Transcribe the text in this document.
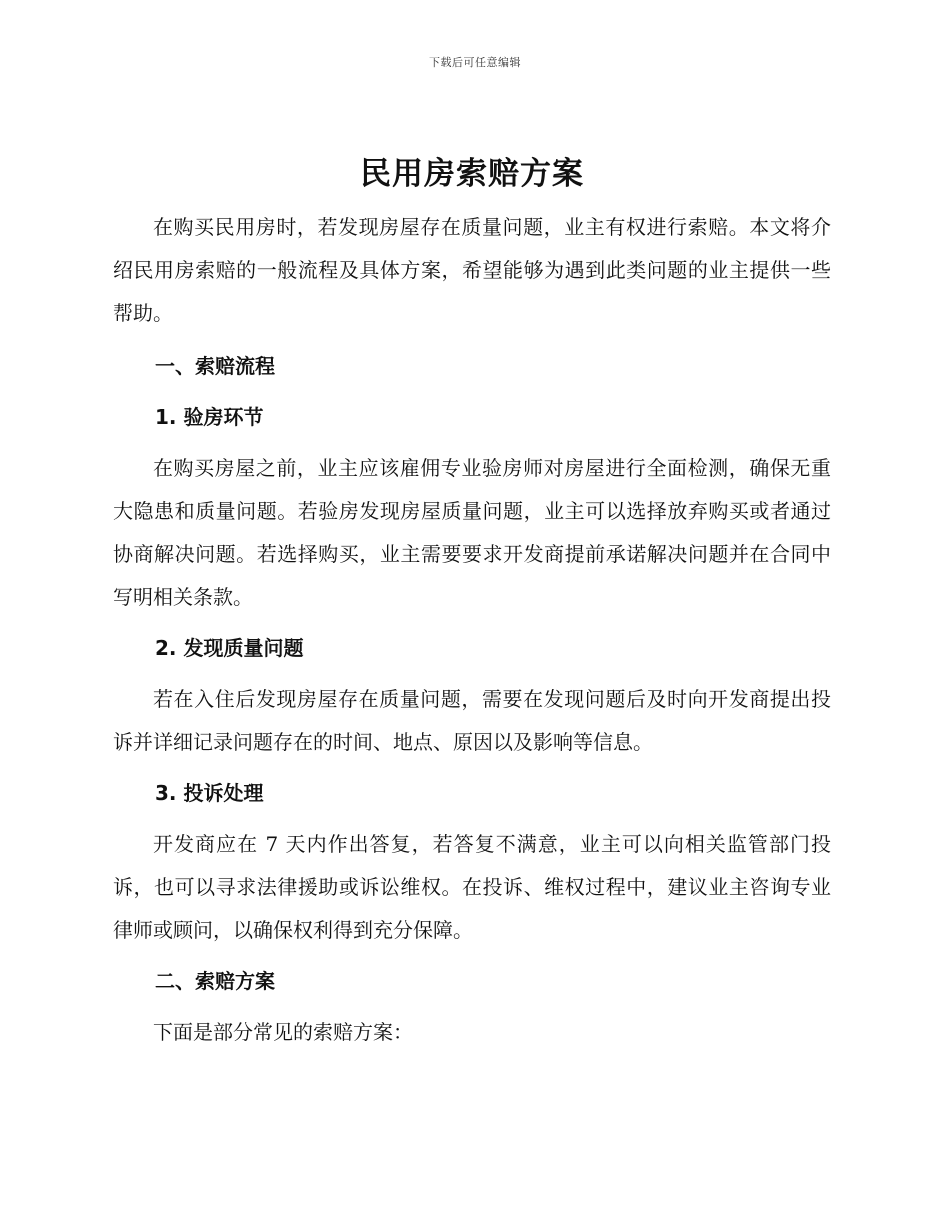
下载后可任意编辑
民用房索赔方案

在购买民用房时，若发现房屋存在质量问题，业主有权进行索赔。本文将介绍民用房索赔的一般流程及具体方案，希望能够为遇到此类问题的业主提供一些帮助。

一、索赔流程
1. 验房环节

在购买房屋之前，业主应该雇佣专业验房师对房屋进行全面检测，确保无重大隐患和质量问题。若验房发现房屋质量问题，业主可以选择放弃购买或者通过协商解决问题。若选择购买，业主需要要求开发商提前承诺解决问题并在合同中写明相关条款。

2. 发现质量问题

若在入住后发现房屋存在质量问题，需要在发现问题后及时向开发商提出投诉并详细记录问题存在的时间、地点、原因以及影响等信息。

3. 投诉处理

开发商应在 7 天内作出答复，若答复不满意，业主可以向相关监管部门投诉，也可以寻求法律援助或诉讼维权。在投诉、维权过程中，建议业主咨询专业律师或顾问，以确保权利得到充分保障。

二、索赔方案

下面是部分常见的索赔方案：
